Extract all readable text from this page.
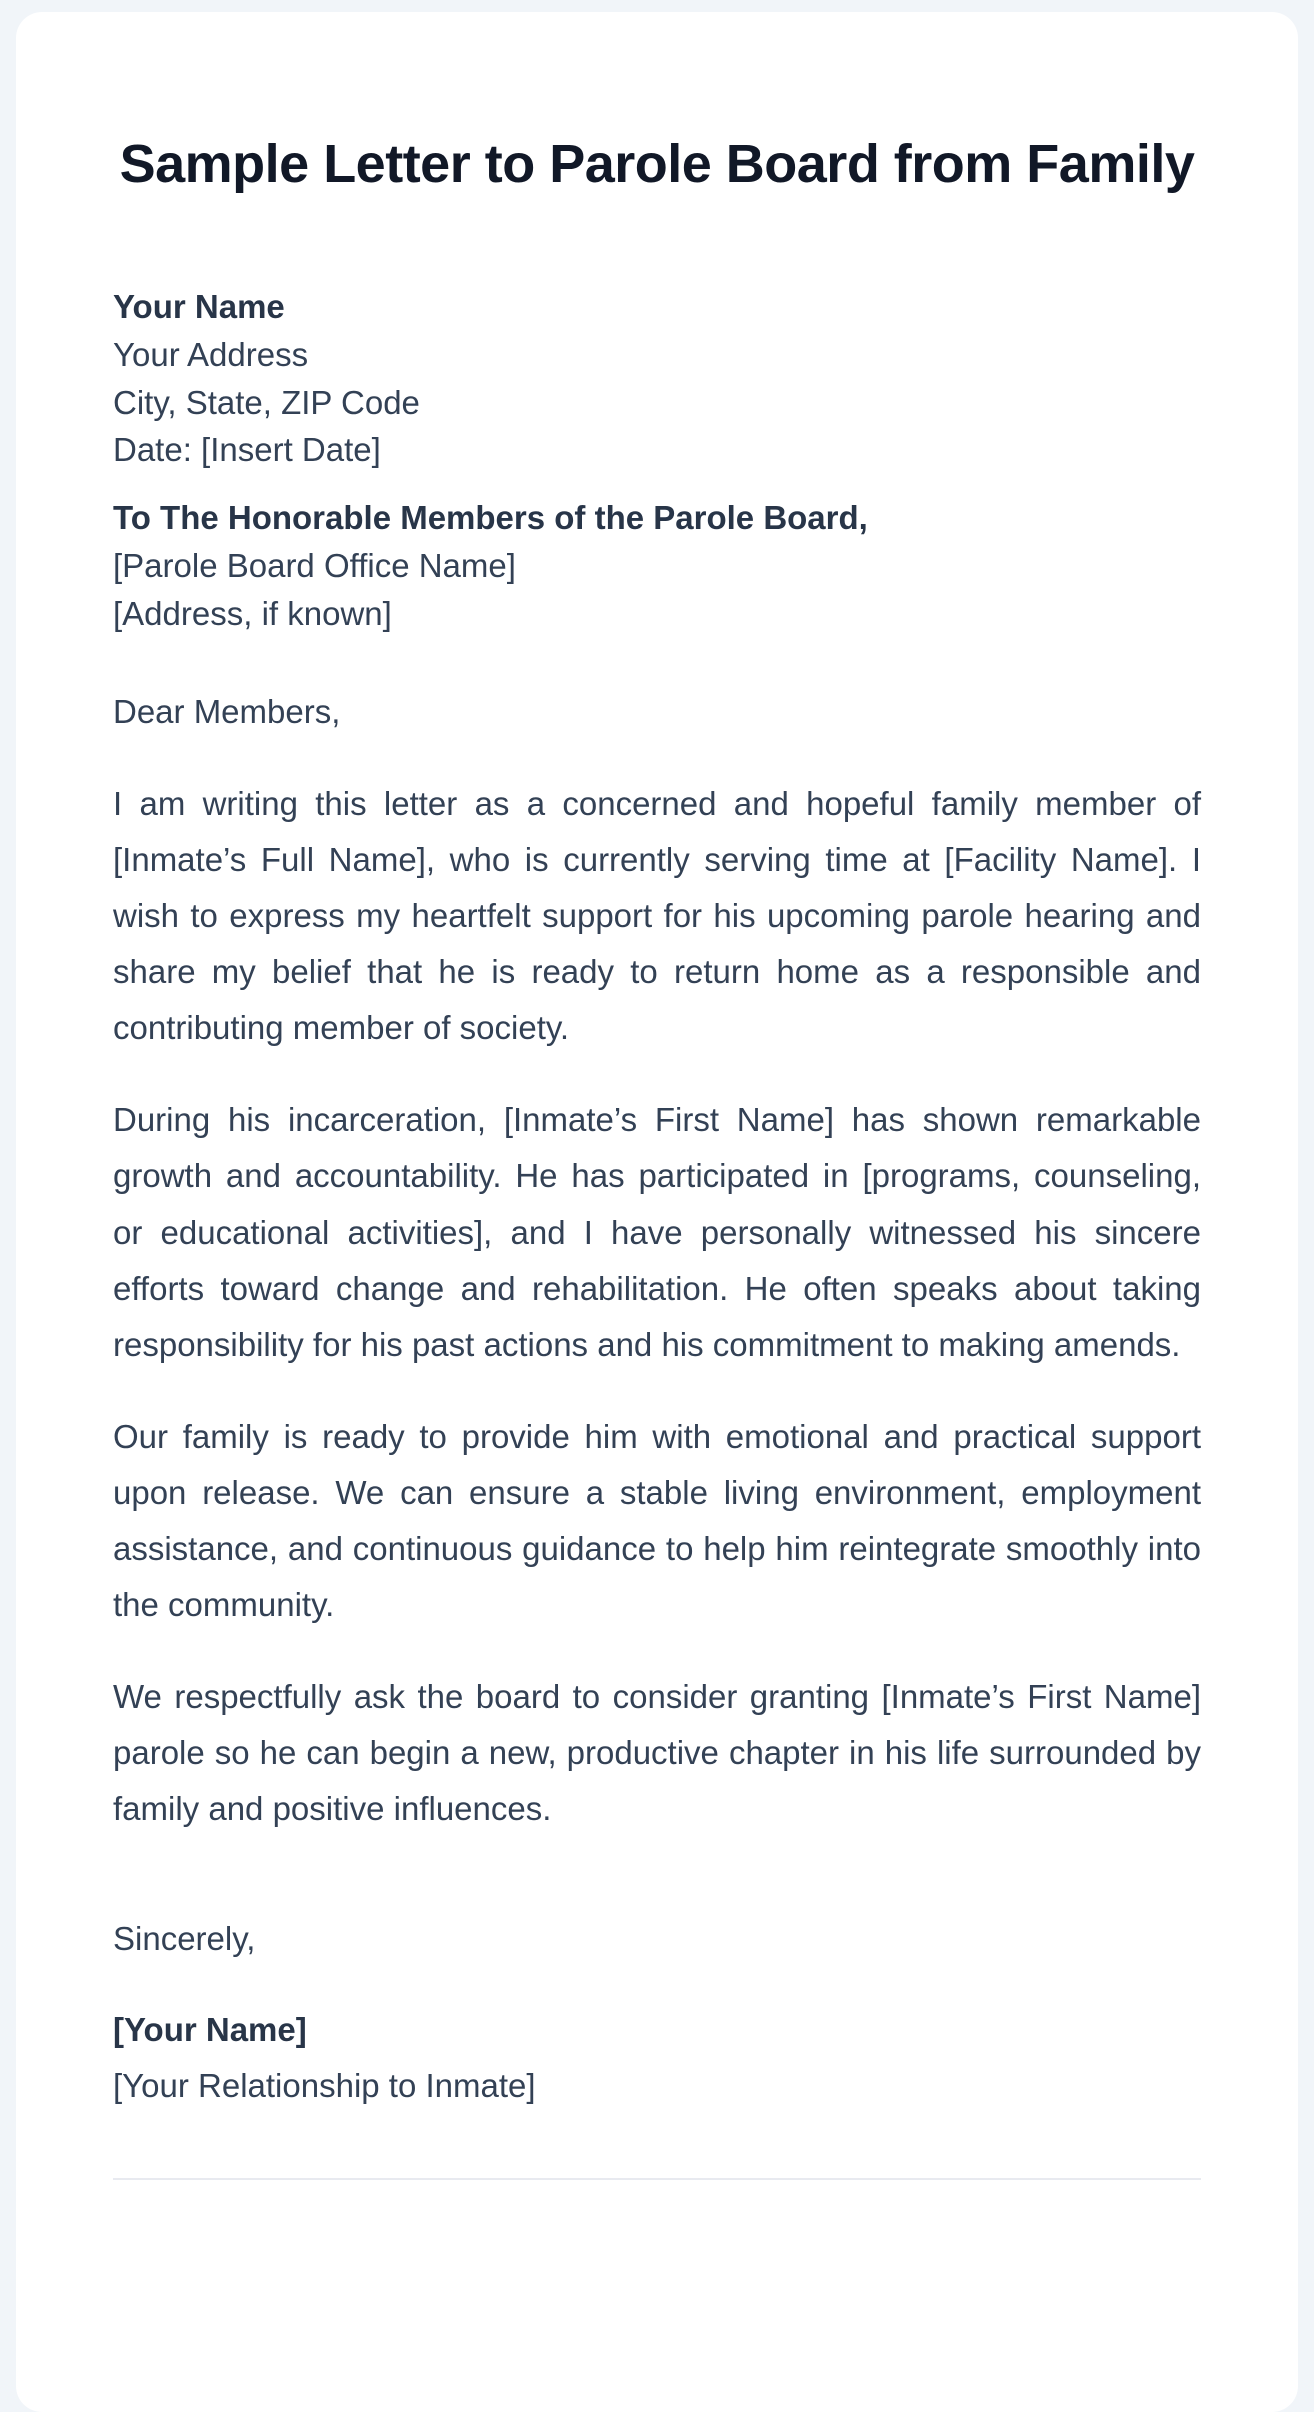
Sample Letter to Parole Board from Family
Your Name
Your Address
City, State, ZIP Code
Date: [Insert Date]
To The Honorable Members of the Parole Board,
[Parole Board Office Name]
[Address, if known]

Dear Members,

I am writing this letter as a concerned and hopeful family member of [Inmate’s Full Name], who is currently serving time at [Facility Name]. I wish to express my heartfelt support for his upcoming parole hearing and share my belief that he is ready to return home as a responsible and contributing member of society.

During his incarceration, [Inmate’s First Name] has shown remarkable growth and accountability. He has participated in [programs, counseling, or educational activities], and I have personally witnessed his sincere efforts toward change and rehabilitation. He often speaks about taking responsibility for his past actions and his commitment to making amends.

Our family is ready to provide him with emotional and practical support upon release. We can ensure a stable living environment, employment assistance, and continuous guidance to help him reintegrate smoothly into the community.

We respectfully ask the board to consider granting [Inmate’s First Name] parole so he can begin a new, productive chapter in his life surrounded by family and positive influences.

Sincerely,

[Your Name]
[Your Relationship to Inmate]
